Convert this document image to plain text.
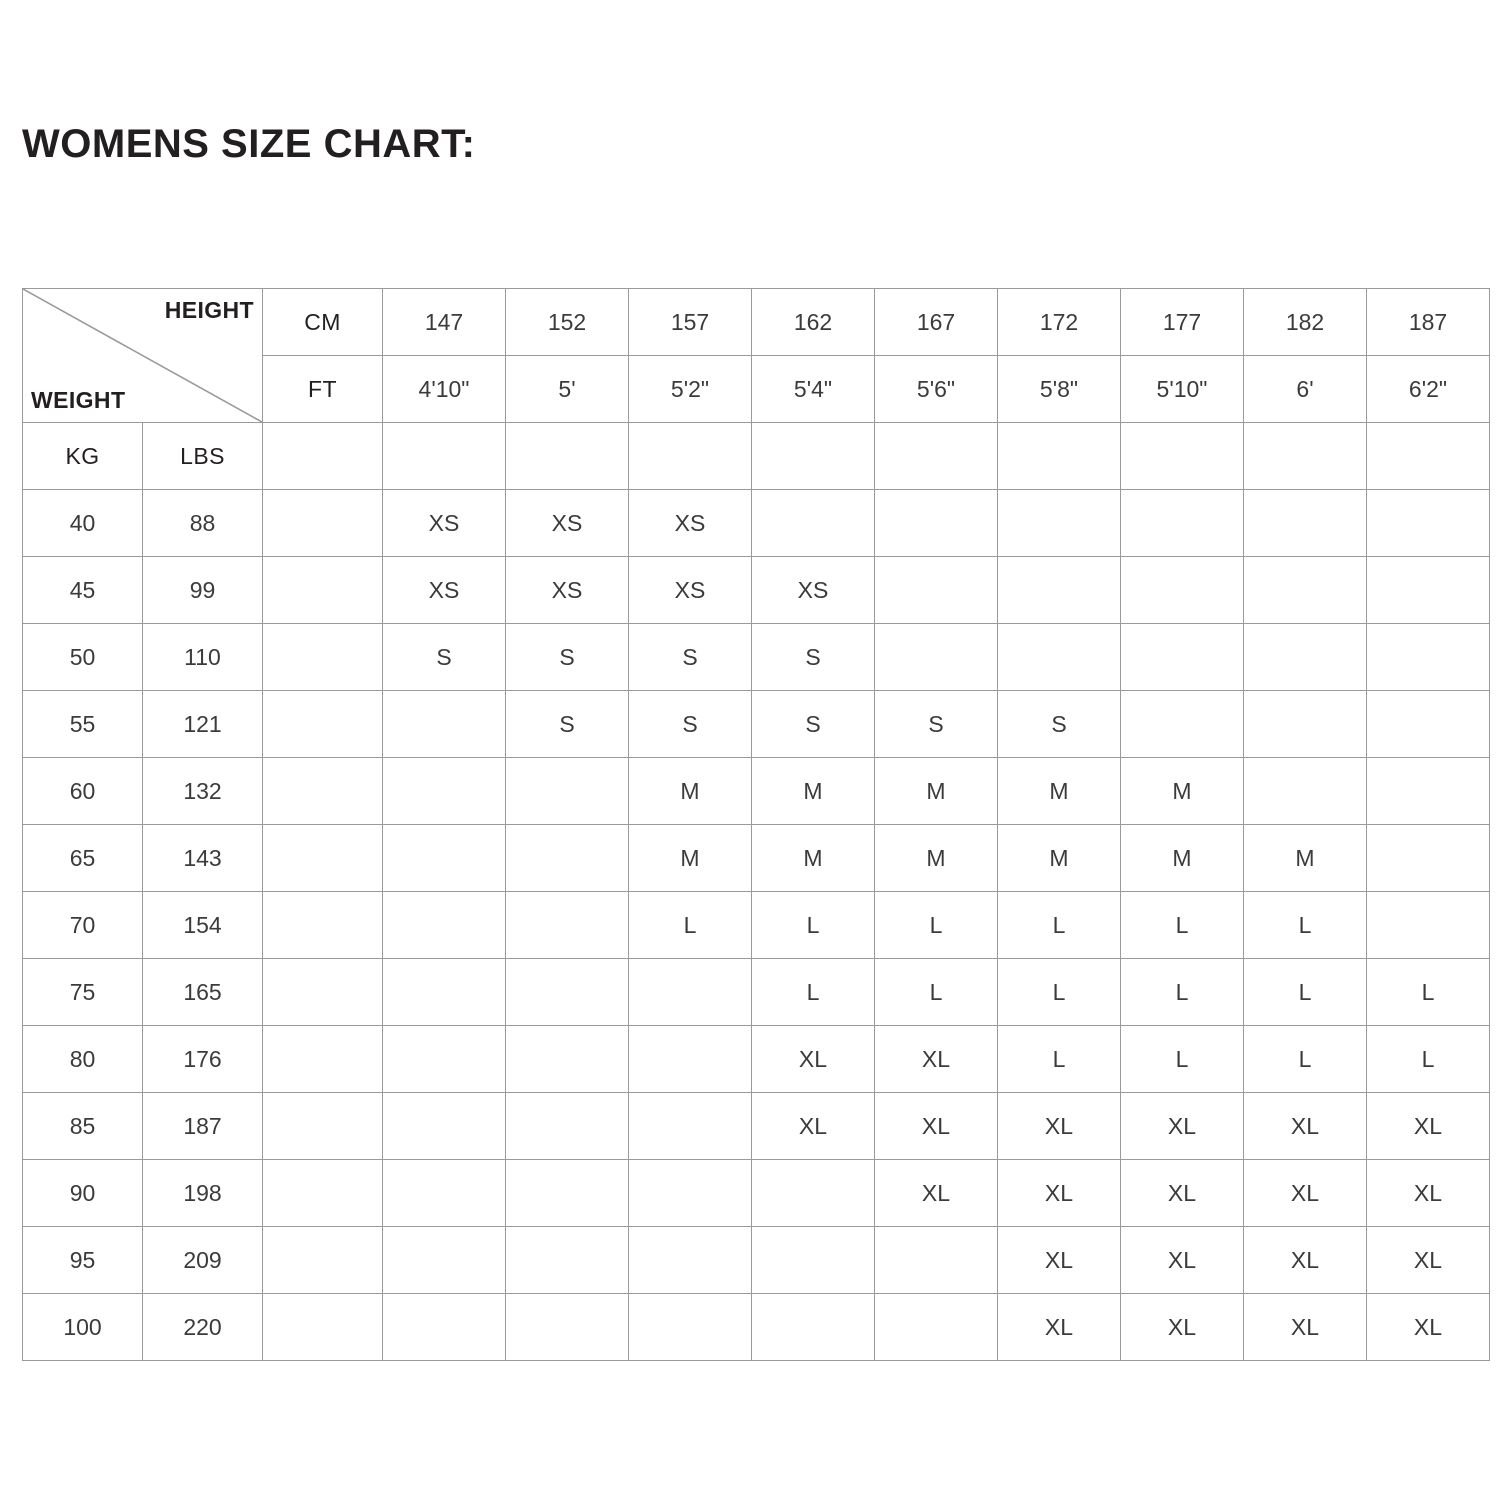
WOMENS SIZE CHART:
HEIGHT
WEIGHT		CM	147	152	157	162	167	172	177	182	187
		FT	4'10"	5'	5'2"	5'4"	5'6"	5'8"	5'10"	6'	6'2"
KG	LBS										
40	88		XS	XS	XS						
45	99		XS	XS	XS	XS					
50	110		S	S	S	S					
55	121			S	S	S	S	S			
60	132				M	M	M	M	M		
65	143				M	M	M	M	M	M	
70	154				L	L	L	L	L	L	
75	165					L	L	L	L	L	L
80	176					XL	XL	L	L	L	L
85	187					XL	XL	XL	XL	XL	XL
90	198						XL	XL	XL	XL	XL
95	209							XL	XL	XL	XL
100	220							XL	XL	XL	XL
